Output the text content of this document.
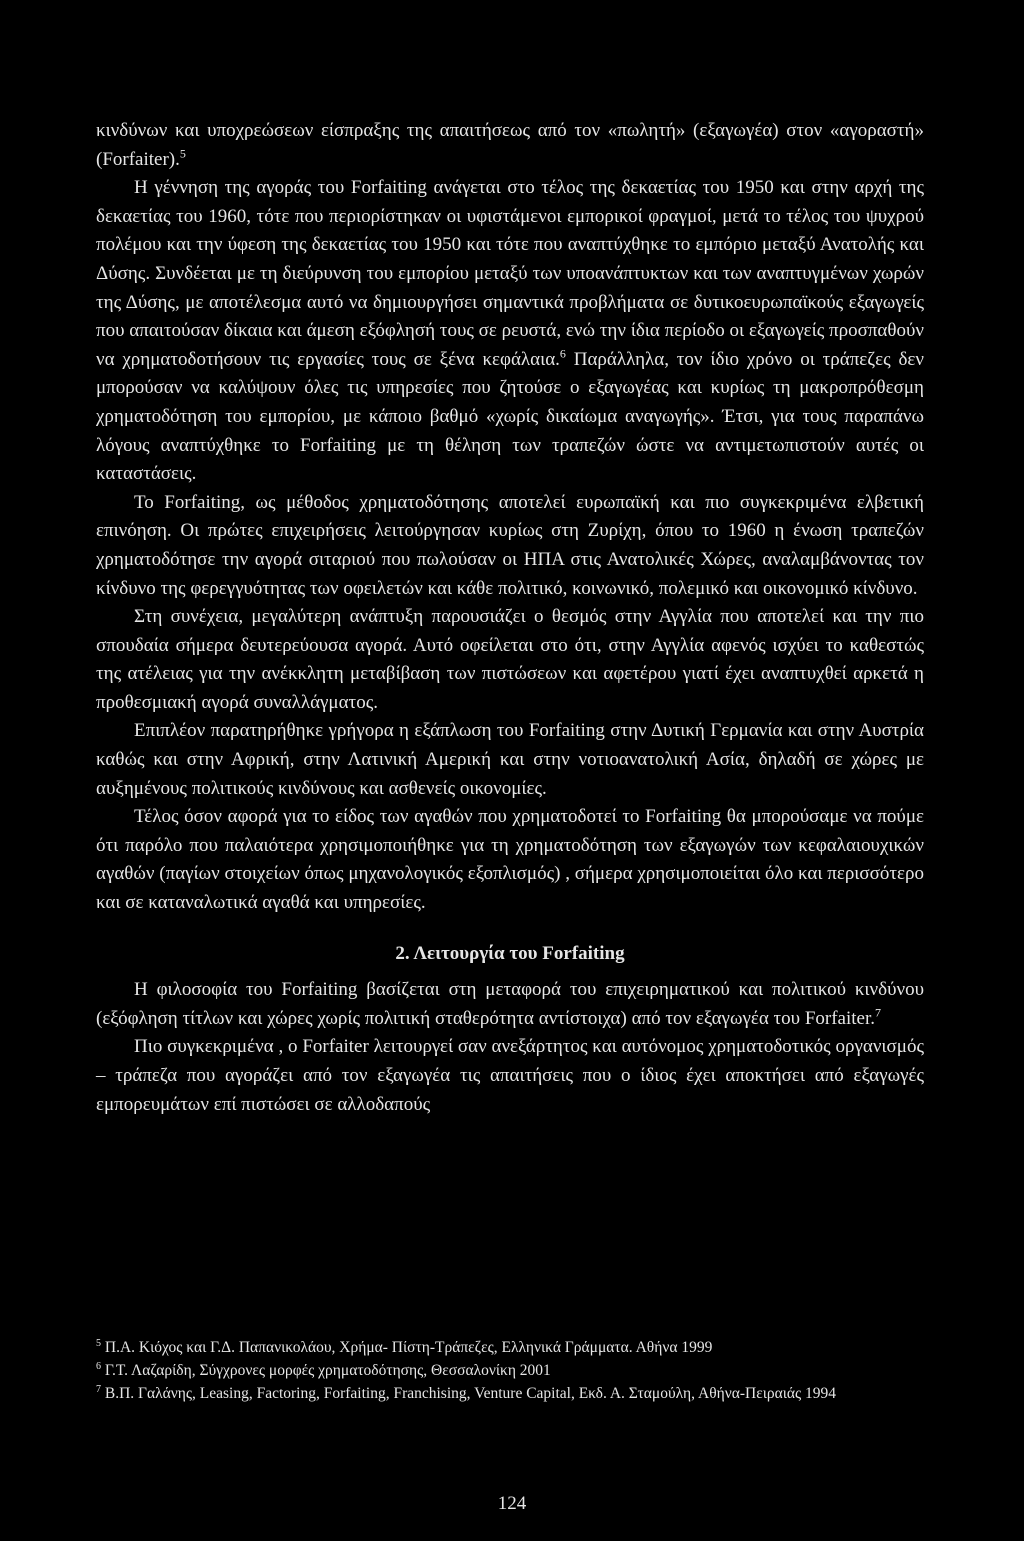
κινδύνων και υποχρεώσεων είσπραξης της απαιτήσεως από τον «πωλητή» (εξαγωγέα) στον «αγοραστή» (Forfaiter).$^5$

Η γέννηση της αγοράς του Forfaiting ανάγεται στο τέλος της δεκαετίας του 1950 και στην αρχή της δεκαετίας του 1960, τότε που περιορίστηκαν οι υφιστάμενοι εμπορικοί φραγμοί, μετά το τέλος του ψυχρού πολέμου και την ύφεση της δεκαετίας του 1950 και τότε που αναπτύχθηκε το εμπόριο μεταξύ Ανατολής και Δύσης. Συνδέεται με τη διεύρυνση του εμπορίου μεταξύ των υποανάπτυκτων και των αναπτυγμένων χωρών της Δύσης, με αποτέλεσμα αυτό να δημιουργήσει σημαντικά προβλήματα σε δυτικοευρωπαϊκούς εξαγωγείς που απαιτούσαν δίκαια και άμεση εξόφλησή τους σε ρευστά, ενώ την ίδια περίοδο οι εξαγωγείς προσπαθούν να χρηματοδοτήσουν τις εργασίες τους σε ξένα κεφάλαια.$^6$ Παράλληλα, τον ίδιο χρόνο οι τράπεζες δεν μπορούσαν να καλύψουν όλες τις υπηρεσίες που ζητούσε ο εξαγωγέας και κυρίως τη μακροπρόθεσμη χρηματοδότηση του εμπορίου, με κάποιο βαθμό «χωρίς δικαίωμα αναγωγής». Έτσι, για τους παραπάνω λόγους αναπτύχθηκε το Forfaiting με τη θέληση των τραπεζών ώστε να αντιμετωπιστούν αυτές οι καταστάσεις.

Το Forfaiting, ως μέθοδος χρηματοδότησης αποτελεί ευρωπαϊκή και πιο συγκεκριμένα ελβετική επινόηση. Οι πρώτες επιχειρήσεις λειτούργησαν κυρίως στη Ζυρίχη, όπου το 1960 η ένωση τραπεζών χρηματοδότησε την αγορά σιταριού που πωλούσαν οι ΗΠΑ στις Ανατολικές Χώρες, αναλαμβάνοντας τον κίνδυνο της φερεγγυότητας των οφειλετών και κάθε πολιτικό, κοινωνικό, πολεμικό και οικονομικό κίνδυνο.

Στη συνέχεια, μεγαλύτερη ανάπτυξη παρουσιάζει ο θεσμός στην Αγγλία που αποτελεί και την πιο σπουδαία σήμερα δευτερεύουσα αγορά. Αυτό οφείλεται στο ότι, στην Αγγλία αφενός ισχύει το καθεστώς της ατέλειας για την ανέκκλητη μεταβίβαση των πιστώσεων και αφετέρου γιατί έχει αναπτυχθεί αρκετά η προθεσμιακή αγορά συναλλάγματος.

Επιπλέον παρατηρήθηκε γρήγορα η εξάπλωση του Forfaiting στην Δυτική Γερμανία και στην Αυστρία καθώς και στην Αφρική, στην Λατινική Αμερική και στην νοτιοανατολική Ασία, δηλαδή σε χώρες με αυξημένους πολιτικούς κινδύνους και ασθενείς οικονομίες.

Τέλος όσον αφορά για το είδος των αγαθών που χρηματοδοτεί το Forfaiting θα μπορούσαμε να πούμε ότι παρόλο που παλαιότερα χρησιμοποιήθηκε για τη χρηματοδότηση των εξαγωγών των κεφαλαιουχικών αγαθών (παγίων στοιχείων όπως μηχανολογικός εξοπλισμός) , σήμερα χρησιμοποιείται όλο και περισσότερο και σε καταναλωτικά αγαθά και υπηρεσίες.

2. Λειτουργία του Forfaiting

Η φιλοσοφία του Forfaiting βασίζεται στη μεταφορά του επιχειρηματικού και πολιτικού κινδύνου (εξόφληση τίτλων και χώρες χωρίς πολιτική σταθερότητα αντίστοιχα) από τον εξαγωγέα του Forfaiter.$^7$

Πιο συγκεκριμένα , ο Forfaiter λειτουργεί σαν ανεξάρτητος και αυτόνομος χρηματοδοτικός οργανισμός – τράπεζα που αγοράζει από τον εξαγωγέα τις απαιτήσεις που ο ίδιος έχει αποκτήσει από εξαγωγές εμπορευμάτων επί πιστώσει σε αλλοδαπούς

$^5$ Π.Α. Κιόχος και Γ.Δ. Παπανικολάου, Χρήμα- Πίστη-Τράπεζες, Ελληνικά Γράμματα. Αθήνα 1999

$^6$ Γ.Τ. Λαζαρίδη, Σύγχρονες μορφές χρηματοδότησης, Θεσσαλονίκη 2001

$^7$ Β.Π. Γαλάνης, Leasing, Factoring, Forfaiting, Franchising, Venture Capital, Εκδ. Α. Σταμούλη, Αθήνα-Πειραιάς 1994

124
